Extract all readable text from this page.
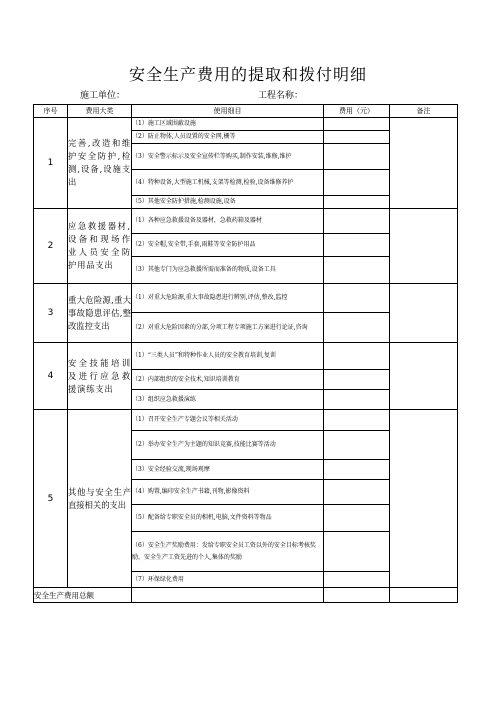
安全生产费用的提取和拨付明细
施工单位：	工程名称：
序号	费用大类	使用细目	费用（元）	备注
1	完善,改造和维护安全防护,检测,设备,设施支出	（1）施工区域围蔽设施		
		（2）防止物体,人员设置的安全网,栅等		
		（3）安全警示标示及安全宣传栏等购买,制作安装,维修,维护		
		（4）特种设备,大型施工机械,支架等检测,检验,设备维修养护		
		（5）其他安全防护措施,检测设施,设备		
2	应急救援器材,设备和现场作业人员安全防护用品支出	（1）各种应急救援设备及器材，急救药箱及器材		
		（2）安全帽,安全带,手套,雨鞋等安全防护用品		
		（3）其他专门为应急救援所需而准备的物质,设备工具		
3	重大危险源,重大事故隐患评估,整改监控支出	（1）对重大危险源,重大事故隐患进行辨别,评估,整改,监控		
		（2）对重大危险因素的分部,分项工程专项施工方案进行论证,咨询		
4	安全技能培训及进行应急救援演练支出	（1）“三类人员”和特种作业人员的安全教育培训,复训		
		（2）内部组织的安全技术,知识培训教育		
		（3）组织应急救援演练		
5	其他与安全生产直接相关的支出	（1）召开安全生产专题会议等相关活动		
		（2）举办安全生产为主题的知识竞赛,技能比赛等活动		
		（3）安全经验交流,现场观摩		
		（4）购置,编印安全生产书籍,刊物,影像资料		
		（5）配备给专职安全员的相机,电脑,文件资料等物品		
		（6）安全生产奖励费用：发给专职安全员工资以外的安全目标考核奖励，安全生产工资先进的个人,集体的奖励		
		（7）环保绿化费用		
安全生产费用总额				
